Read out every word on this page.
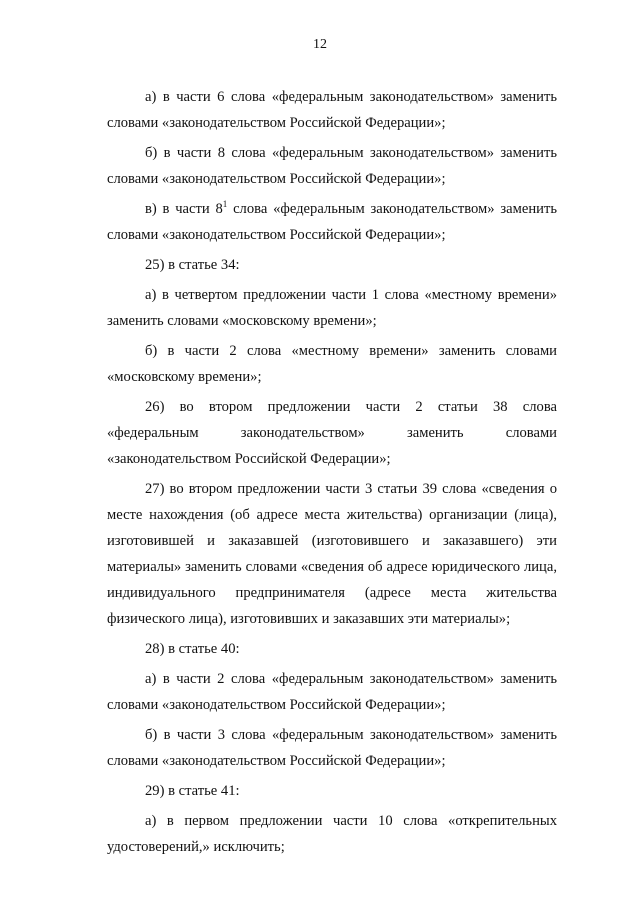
12

а) в части 6 слова «федеральным законодательством» заменить словами «законодательством Российской Федерации»;

б) в части 8 слова «федеральным законодательством» заменить словами «законодательством Российской Федерации»;

в) в части $8^1$ слова «федеральным законодательством» заменить словами «законодательством Российской Федерации»;

25) в статье 34:

а) в четвертом предложении части 1 слова «местному времени» заменить словами «московскому времени»;

б) в части 2 слова «местному времени» заменить словами «московскому времени»;

26) во втором предложении части 2 статьи 38 слова «федеральным законодательством» заменить словами «законодательством Российской Федерации»;

27) во втором предложении части 3 статьи 39 слова «сведения о месте нахождения (об адресе места жительства) организации (лица), изготовившей и заказавшей (изготовившего и заказавшего) эти материалы» заменить словами «сведения об адресе юридического лица, индивидуального предпринимателя (адресе места жительства физического лица), изготовивших и заказавших эти материалы»;

28) в статье 40:

а) в части 2 слова «федеральным законодательством» заменить словами «законодательством Российской Федерации»;

б) в части 3 слова «федеральным законодательством» заменить словами «законодательством Российской Федерации»;

29) в статье 41:

а) в первом предложении части 10 слова «открепительных удостоверений,» исключить;
